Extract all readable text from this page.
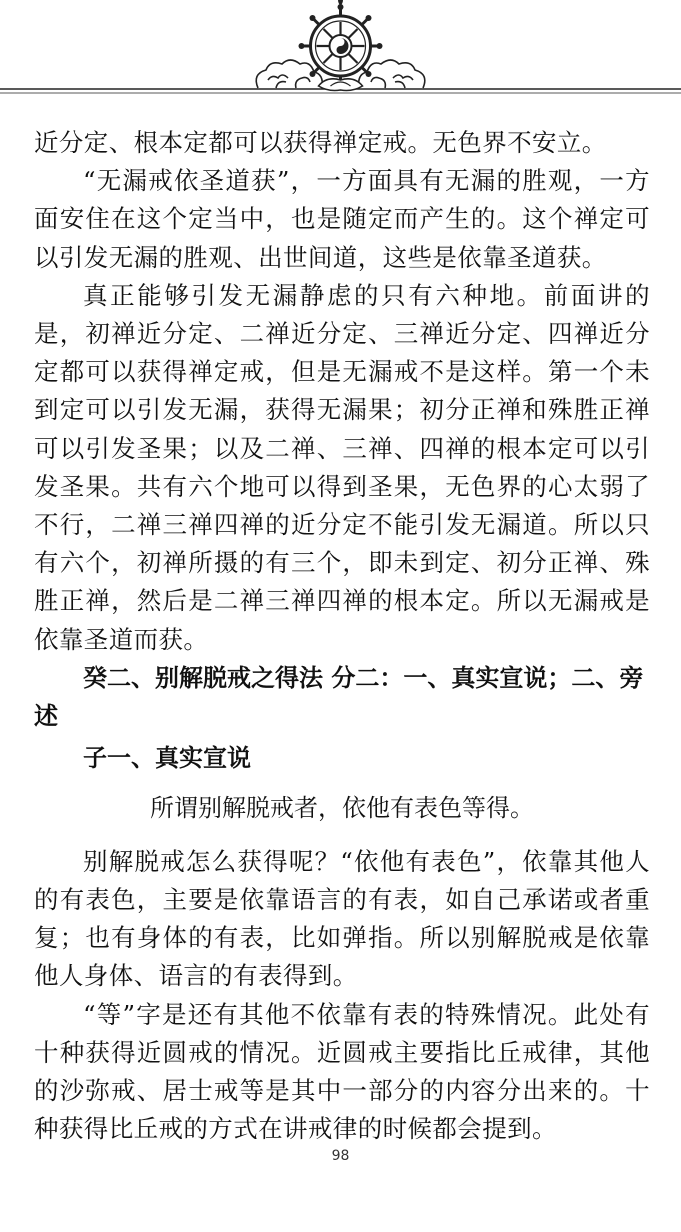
近分定、根本定都可以获得禅定戒。无色界不安立。

“无漏戒依圣道获”，一方面具有无漏的胜观，一方面安住在这个定当中，也是随定而产生的。这个禅定可以引发无漏的胜观、出世间道，这些是依靠圣道获。

真正能够引发无漏静虑的只有六种地。前面讲的是，初禅近分定、二禅近分定、三禅近分定、四禅近分定都可以获得禅定戒，但是无漏戒不是这样。第一个未到定可以引发无漏，获得无漏果；初分正禅和殊胜正禅可以引发圣果；以及二禅、三禅、四禅的根本定可以引发圣果。共有六个地可以得到圣果，无色界的心太弱了不行，二禅三禅四禅的近分定不能引发无漏道。所以只有六个，初禅所摄的有三个，即未到定、初分正禅、殊胜正禅，然后是二禅三禅四禅的根本定。所以无漏戒是依靠圣道而获。

癸二、别解脱戒之得法 分二：一、真实宣说；二、旁述

子一、真实宣说

所谓别解脱戒者，依他有表色等得。

别解脱戒怎么获得呢？“依他有表色”，依靠其他人的有表色，主要是依靠语言的有表，如自己承诺或者重复；也有身体的有表，比如弹指。所以别解脱戒是依靠他人身体、语言的有表得到。

“等”字是还有其他不依靠有表的特殊情况。此处有十种获得近圆戒的情况。近圆戒主要指比丘戒律，其他的沙弥戒、居士戒等是其中一部分的内容分出来的。十种获得比丘戒的方式在讲戒律的时候都会提到。

98
